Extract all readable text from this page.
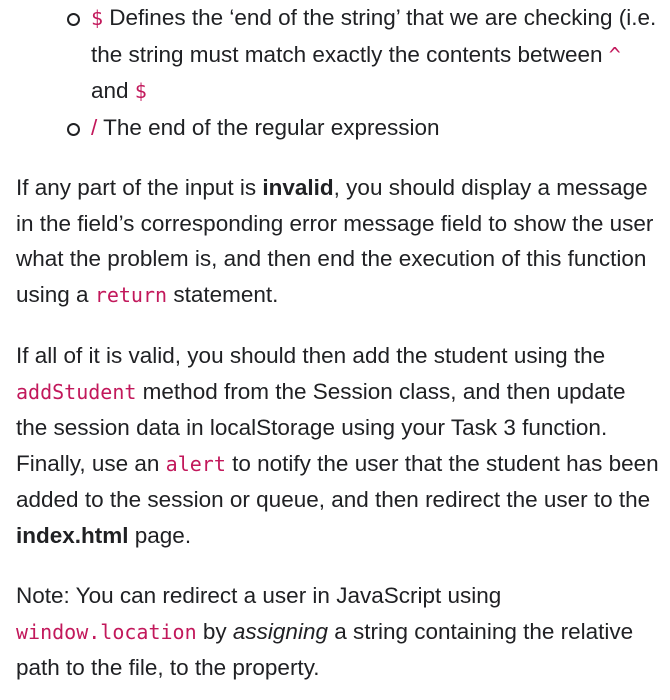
$ Defines the ‘end of the string’ that we are checking (i.e. the string must match exactly the contents between ^ and $
/ The end of the regular expression

If any part of the input is invalid, you should display a message in the field’s corresponding error message field to show the user what the problem is, and then end the execution of this function using a return statement.

If all of it is valid, you should then add the student using the addStudent method from the Session class, and then update the session data in localStorage using your Task 3 function. Finally, use an alert to notify the user that the student has been added to the session or queue, and then redirect the user to the index.html page.

Note: You can redirect a user in JavaScript using window.location by assigning a string containing the relative path to the file, to the property.
